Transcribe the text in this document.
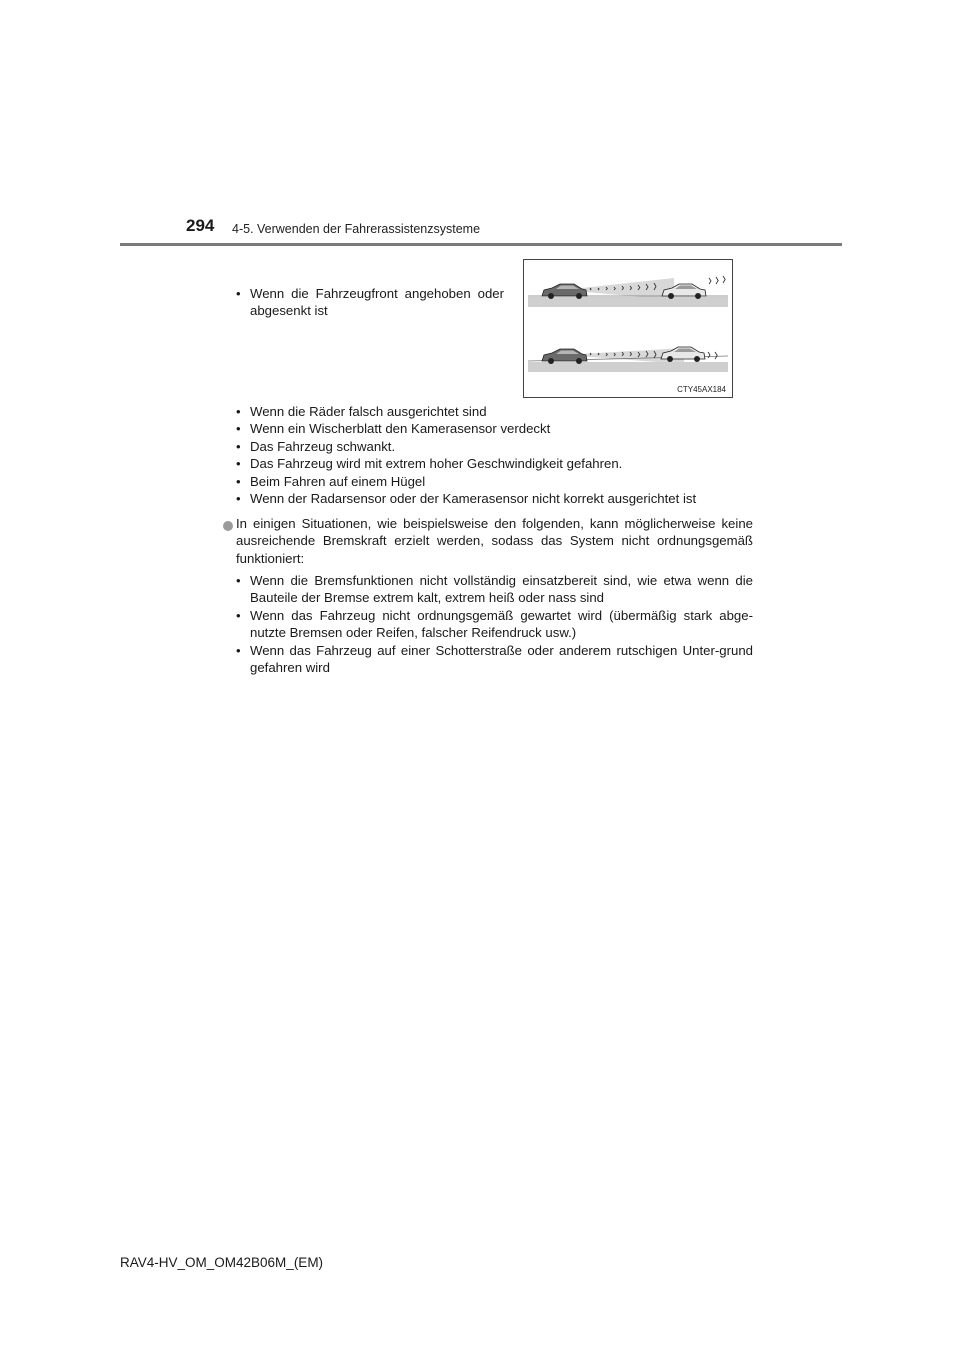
294 4-5. Verwenden der Fahrerassistenzsysteme
• Wenn die Fahrzeugfront angehoben oder abgesenkt ist
CTY45AX184
• Wenn die Räder falsch ausgerichtet sind
• Wenn ein Wischerblatt den Kamerasensor verdeckt
• Das Fahrzeug schwankt.
• Das Fahrzeug wird mit extrem hoher Geschwindigkeit gefahren.
• Beim Fahren auf einem Hügel
• Wenn der Radarsensor oder der Kamerasensor nicht korrekt ausgerichtet ist
In einigen Situationen, wie beispielsweise den folgenden, kann möglicherweise keine ausreichende Bremskraft erzielt werden, sodass das System nicht ordnungsgemäß funktioniert:
• Wenn die Bremsfunktionen nicht vollständig einsatzbereit sind, wie etwa wenn die Bauteile der Bremse extrem kalt, extrem heiß oder nass sind
• Wenn das Fahrzeug nicht ordnungsgemäß gewartet wird (übermäßig stark abge-nutzte Bremsen oder Reifen, falscher Reifendruck usw.)
• Wenn das Fahrzeug auf einer Schotterstraße oder anderem rutschigen Unter-grund gefahren wird
RAV4-HV_OM_OM42B06M_(EM)
